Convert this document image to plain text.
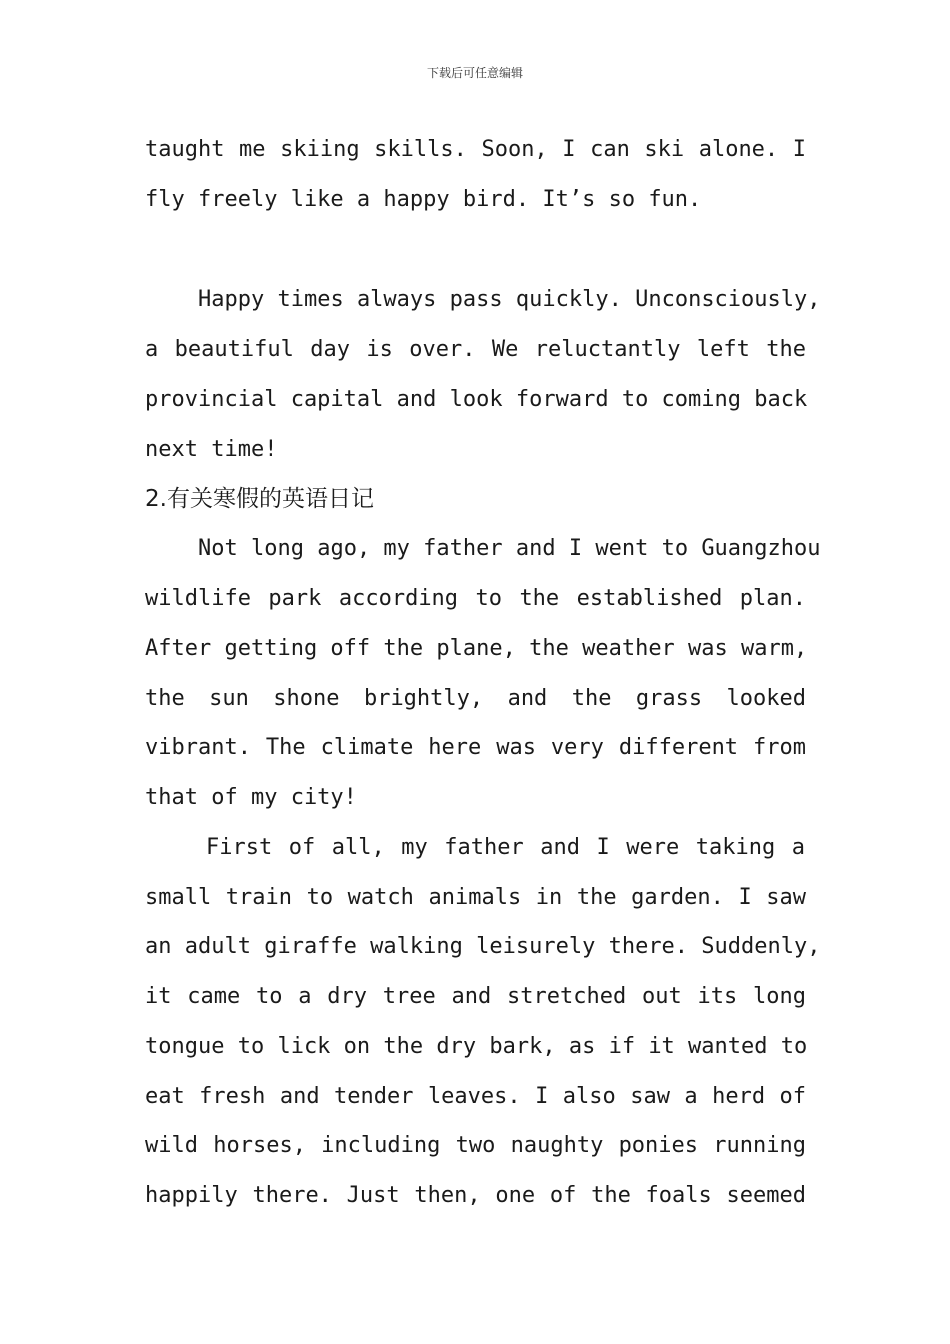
下载后可任意编辑
taught me skiing skills. Soon, I can ski alone. I
fly freely like a happy bird. It’s so fun.
Happy times always pass quickly. Unconsciously,
a beautiful day is over. We reluctantly left the
provincial capital and look forward to coming back
next time!
2.有关寒假的英语日记
Not long ago, my father and I went to Guangzhou
wildlife park according to the established plan.
After getting off the plane, the weather was warm,
the sun shone brightly, and the grass looked
vibrant. The climate here was very different from
that of my city!
First of all, my father and I were taking a
small train to watch animals in the garden. I saw
an adult giraffe walking leisurely there. Suddenly,
it came to a dry tree and stretched out its long
tongue to lick on the dry bark, as if it wanted to
eat fresh and tender leaves. I also saw a herd of
wild horses, including two naughty ponies running
happily there. Just then, one of the foals seemed
